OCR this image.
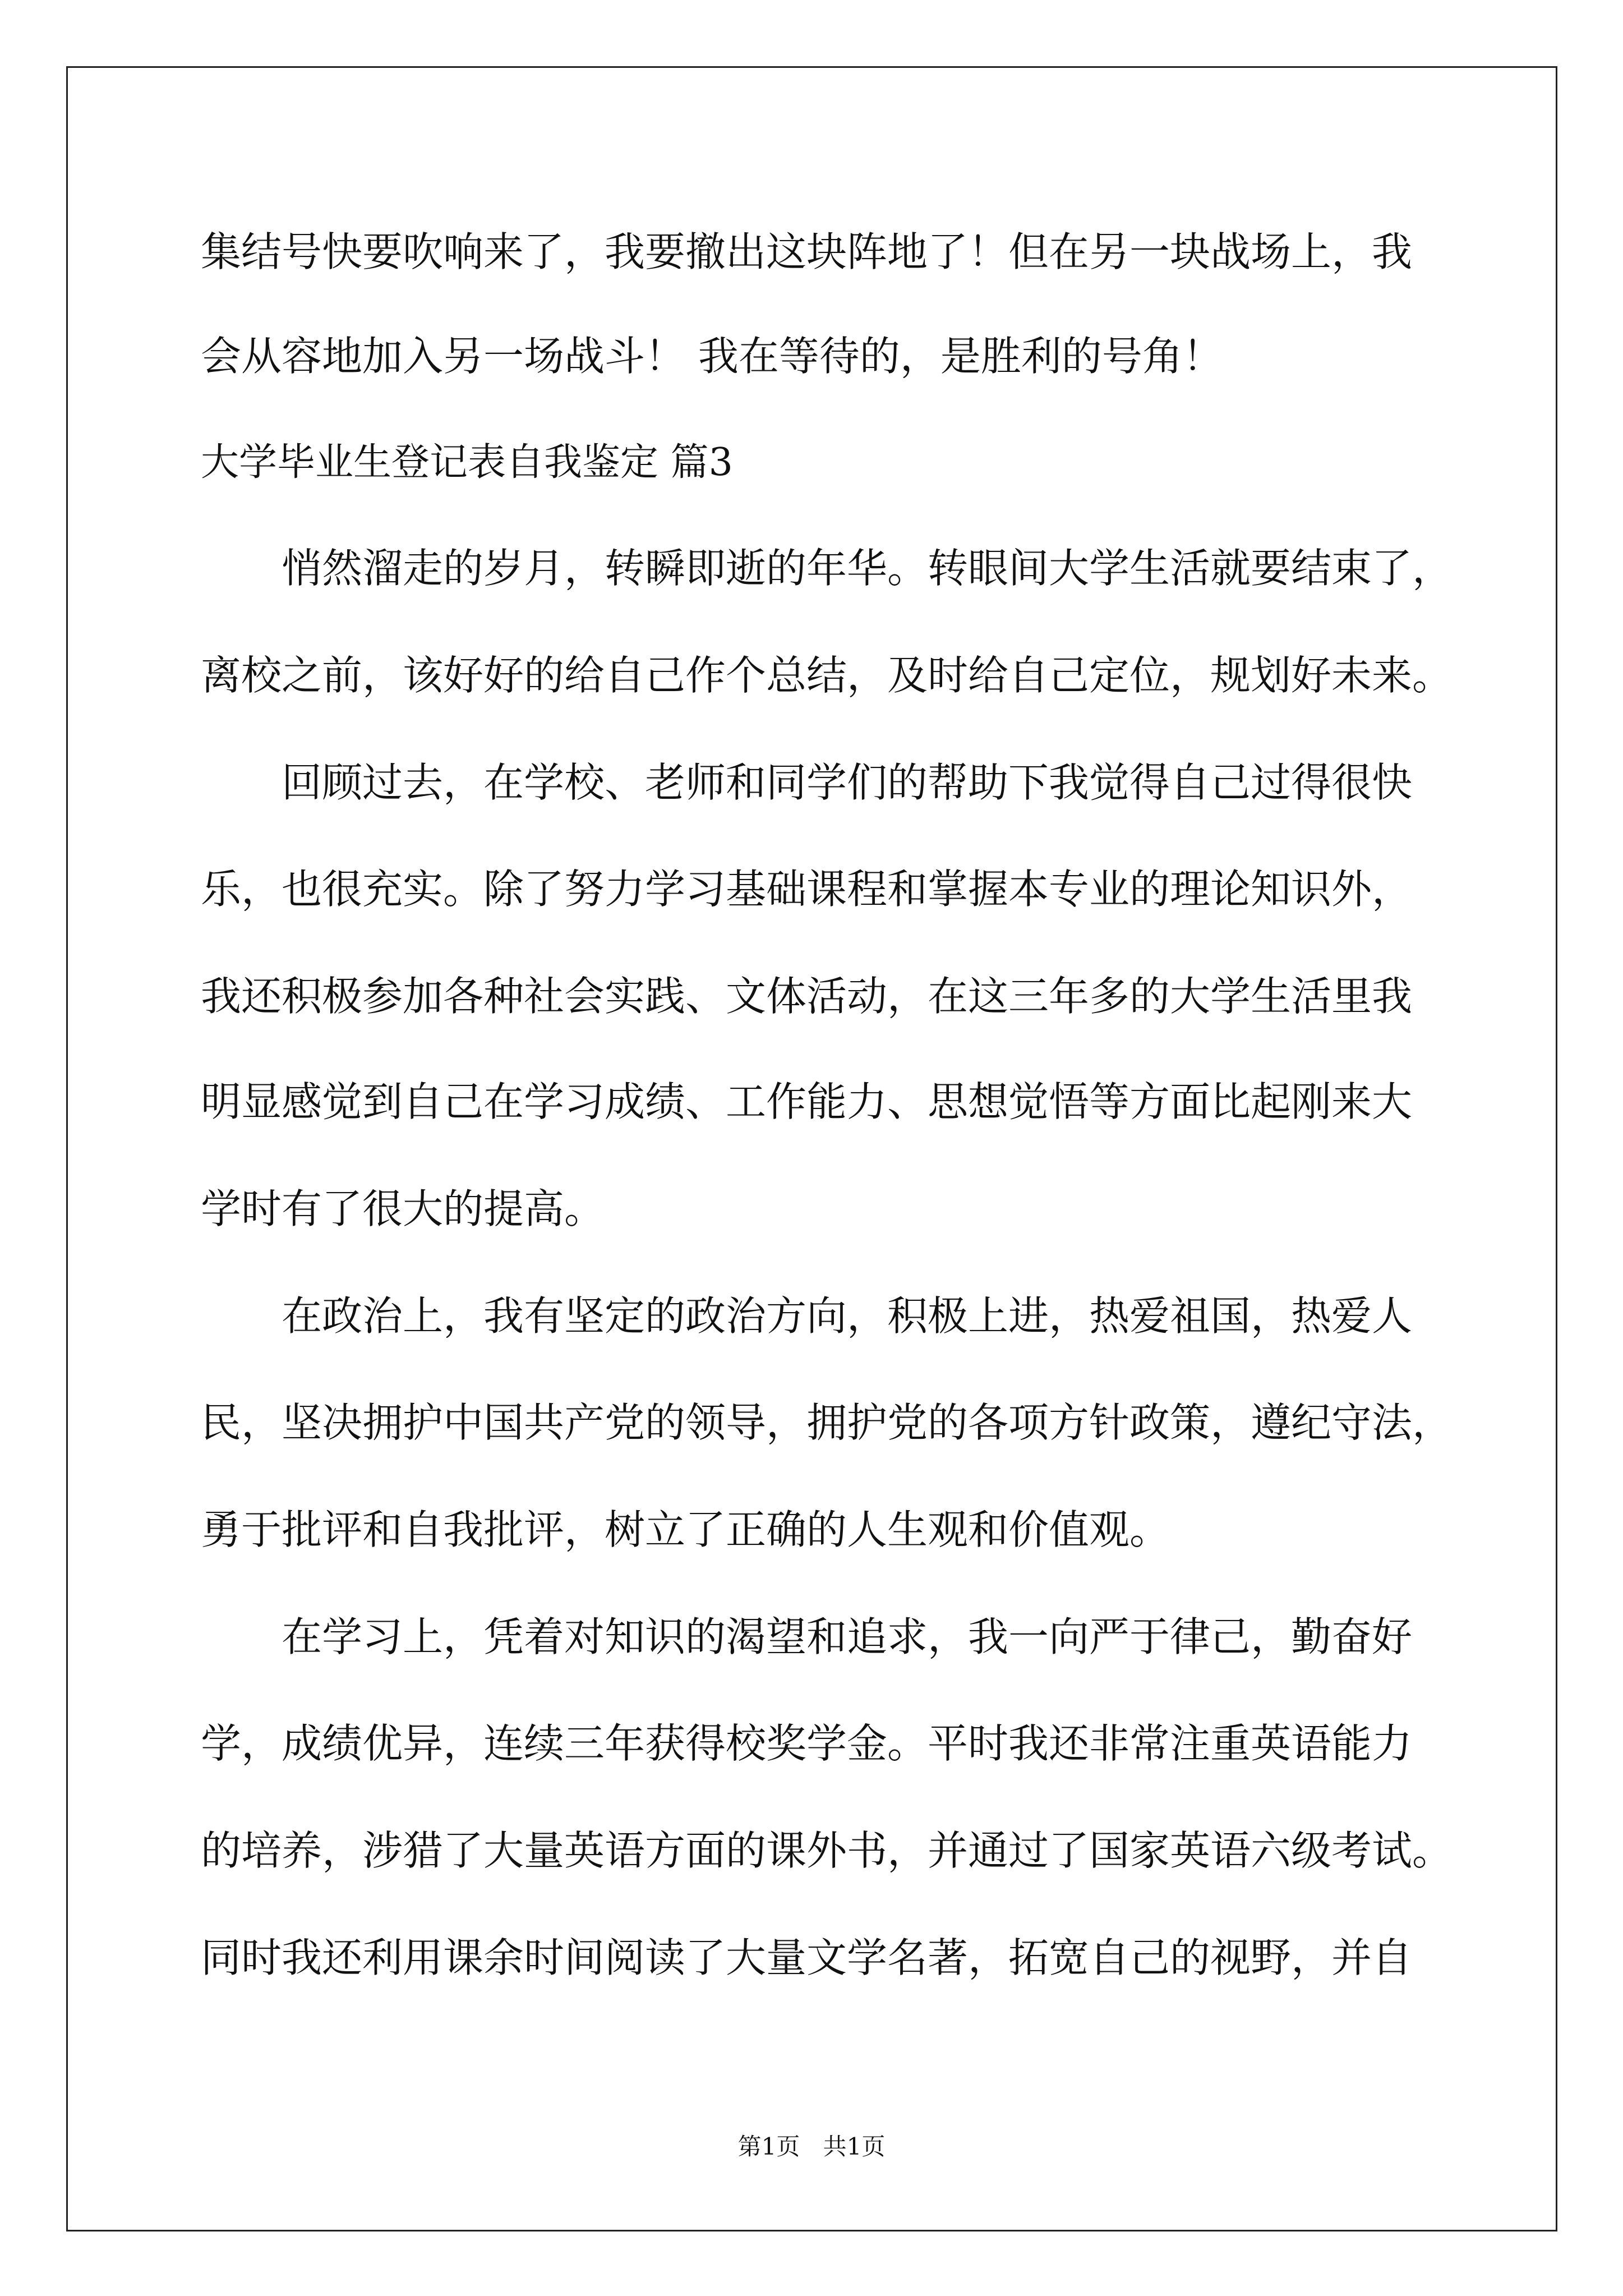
集结号快要吹响来了，我要撤出这块阵地了！但在另一块战场上，我
会从容地加入另一场战斗！ 我在等待的，是胜利的号角！
大学毕业生登记表自我鉴定 篇3
悄然溜走的岁月，转瞬即逝的年华。转眼间大学生活就要结束了，
离校之前，该好好的给自己作个总结，及时给自己定位，规划好未来。
回顾过去，在学校、老师和同学们的帮助下我觉得自己过得很快
乐，也很充实。除了努力学习基础课程和掌握本专业的理论知识外，
我还积极参加各种社会实践、文体活动，在这三年多的大学生活里我
明显感觉到自己在学习成绩、工作能力、思想觉悟等方面比起刚来大
学时有了很大的提高。
在政治上，我有坚定的政治方向，积极上进，热爱祖国，热爱人
民，坚决拥护中国共产党的领导，拥护党的各项方针政策，遵纪守法，
勇于批评和自我批评，树立了正确的人生观和价值观。
在学习上，凭着对知识的渴望和追求，我一向严于律己，勤奋好
学，成绩优异，连续三年获得校奖学金。平时我还非常注重英语能力
的培养，涉猎了大量英语方面的课外书，并通过了国家英语六级考试。
同时我还利用课余时间阅读了大量文学名著，拓宽自己的视野，并自
第1页 共1页
